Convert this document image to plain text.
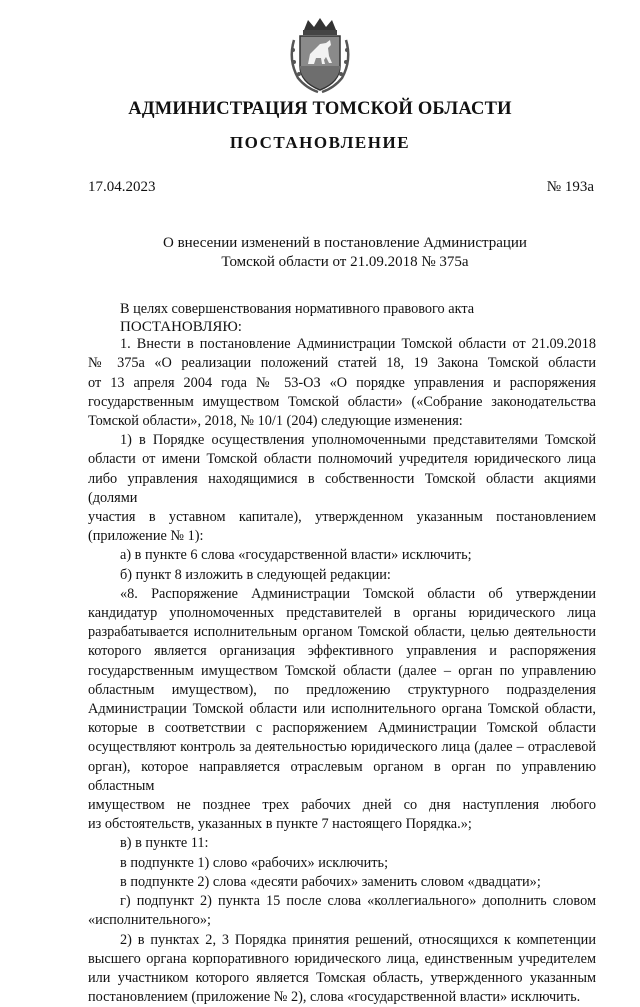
АДМИНИСТРАЦИЯ ТОМСКОЙ ОБЛАСТИ
ПОСТАНОВЛЕНИЕ
17.04.2023	№ 193а
О внесении изменений в постановление Администрации
Томской области от 21.09.2018 № 375а

В целях совершенствования нормативного правового акта

ПОСТАНОВЛЯЮ:

1. Внести в постановление Администрации Томской области от 21.09.2018

№ 375а «О реализации положений статей 18, 19 Закона Томской области

от 13 апреля 2004 года № 53-ОЗ «О порядке управления и распоряжения

государственным имуществом Томской области» («Собрание законодательства

Томской области», 2018, № 10/1 (204) следующие изменения:

1) в Порядке осуществления уполномоченными представителями Томской

области от имени Томской области полномочий учредителя юридического лица

либо управления находящимися в собственности Томской области акциями (долями

участия в уставном капитале), утвержденном указанным постановлением

(приложение № 1):

а) в пункте 6 слова «государственной власти» исключить;

б) пункт 8 изложить в следующей редакции:

«8. Распоряжение Администрации Томской области об утверждении

кандидатур уполномоченных представителей в органы юридического лица

разрабатывается исполнительным органом Томской области, целью деятельности

которого является организация эффективного управления и распоряжения

государственным имуществом Томской области (далее – орган по управлению

областным имуществом), по предложению структурного подразделения

Администрации Томской области или исполнительного органа Томской области,

которые в соответствии с распоряжением Администрации Томской области

осуществляют контроль за деятельностью юридического лица (далее – отраслевой

орган), которое направляется отраслевым органом в орган по управлению областным

имуществом не позднее трех рабочих дней со дня наступления любого

из обстоятельств, указанных в пункте 7 настоящего Порядка.»;

в) в пункте 11:

в подпункте 1) слово «рабочих» исключить;

в подпункте 2) слова «десяти рабочих» заменить словом «двадцати»;

г) подпункт 2) пункта 15 после слова «коллегиального» дополнить словом

«исполнительного»;

2) в пунктах 2, 3 Порядка принятия решений, относящихся к компетенции

высшего органа корпоративного юридического лица, единственным учредителем

или участником которого является Томская область, утвержденного указанным

постановлением (приложение № 2), слова «государственной власти» исключить.
